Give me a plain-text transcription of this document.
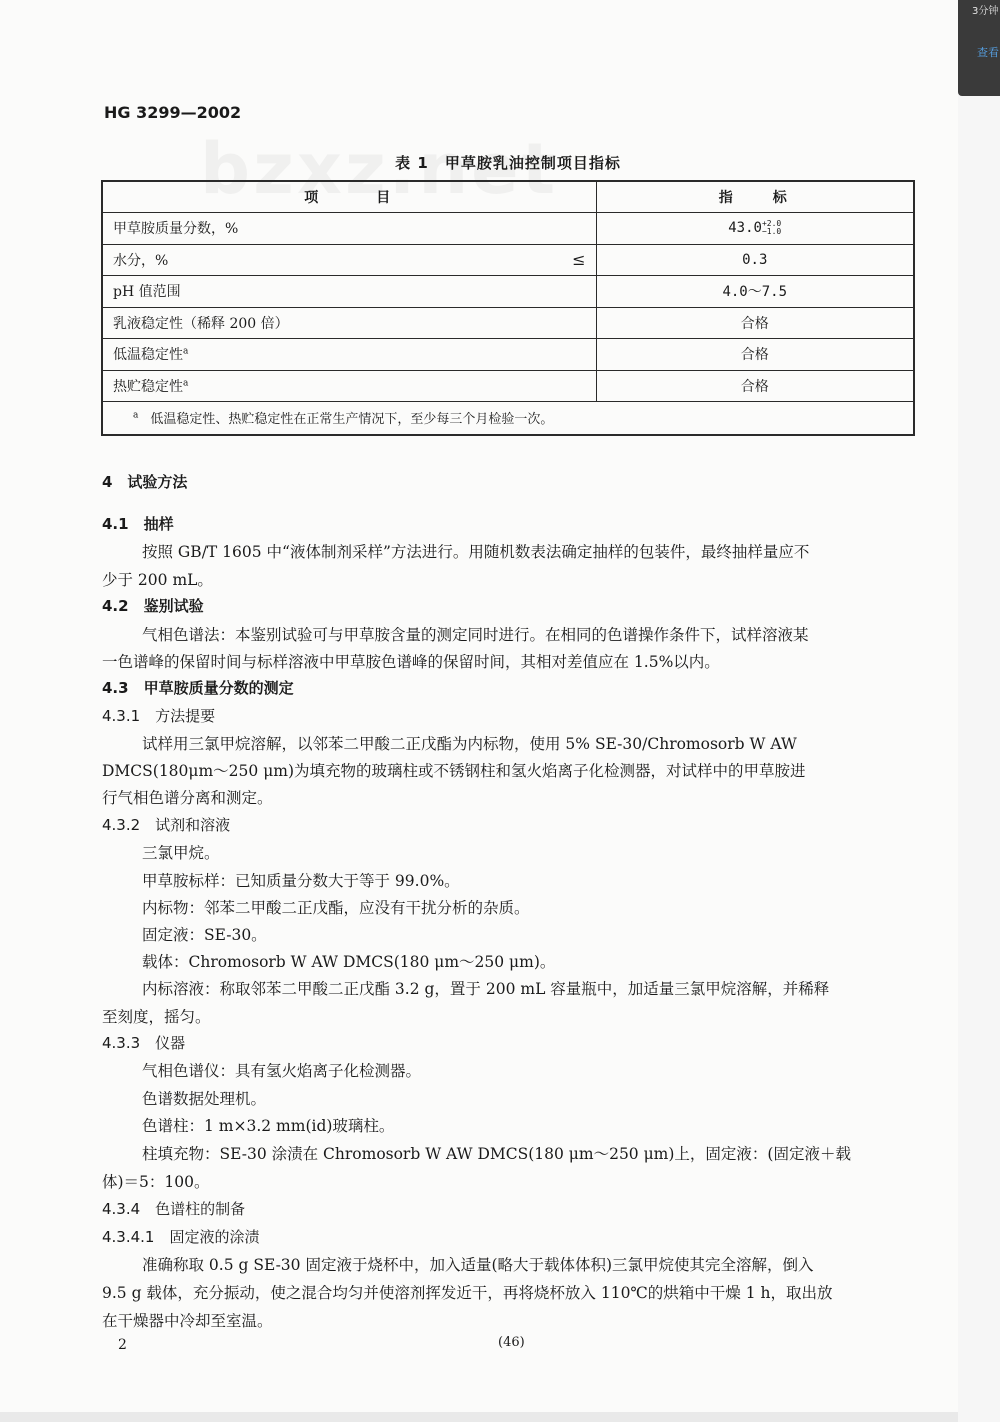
3分钟
查看
HG 3299—2002
表 1　甲草胺乳油控制项目指标
项　　　目	指　　标
甲草胺质量分数，%	43.0 +2.0
−1.0

水分，% ≤	0.3
pH 值范围	4.0～7.5
乳液稳定性（稀释 200 倍）	合格
低温稳定性$^a$	合格
热贮稳定性$^a$	合格
$^a$ 低温稳定性、热贮稳定性在正常生产情况下，至少每三个月检验一次。	
4　试验方法
4.1　抽样
按照 GB/T 1605 中“液体制剂采样”方法进行。用随机数表法确定抽样的包装件，最终抽样量应不
少于 200 mL。
4.2　鉴别试验
气相色谱法：本鉴别试验可与甲草胺含量的测定同时进行。在相同的色谱操作条件下，试样溶液某
一色谱峰的保留时间与标样溶液中甲草胺色谱峰的保留时间，其相对差值应在 1.5%以内。
4.3　甲草胺质量分数的测定
4.3.1　方法提要
试样用三氯甲烷溶解，以邻苯二甲酸二正戊酯为内标物，使用 5% SE-30/Chromosorb W AW
DMCS(180μm～250 μm)为填充物的玻璃柱或不锈钢柱和氢火焰离子化检测器，对试样中的甲草胺进
行气相色谱分离和测定。
4.3.2　试剂和溶液
三氯甲烷。
甲草胺标样：已知质量分数大于等于 99.0%。
内标物：邻苯二甲酸二正戊酯，应没有干扰分析的杂质。
固定液：SE-30。
载体：Chromosorb W AW DMCS(180 μm～250 μm)。
内标溶液：称取邻苯二甲酸二正戊酯 3.2 g，置于 200 mL 容量瓶中，加适量三氯甲烷溶解，并稀释
至刻度，摇匀。
4.3.3　仪器
气相色谱仪：具有氢火焰离子化检测器。
色谱数据处理机。
色谱柱：1 m×3.2 mm(id)玻璃柱。
柱填充物：SE-30 涂渍在 Chromosorb W AW DMCS(180 μm～250 μm)上，固定液：(固定液＋载
体)＝5：100。
4.3.4　色谱柱的制备
4.3.4.1　固定液的涂渍
准确称取 0.5 g SE-30 固定液于烧杯中，加入适量(略大于载体体积)三氯甲烷使其完全溶解，倒入
9.5 g 载体，充分振动，使之混合均匀并使溶剂挥发近干，再将烧杯放入 110℃的烘箱中干燥 1 h，取出放
在干燥器中冷却至室温。
2	(46)
